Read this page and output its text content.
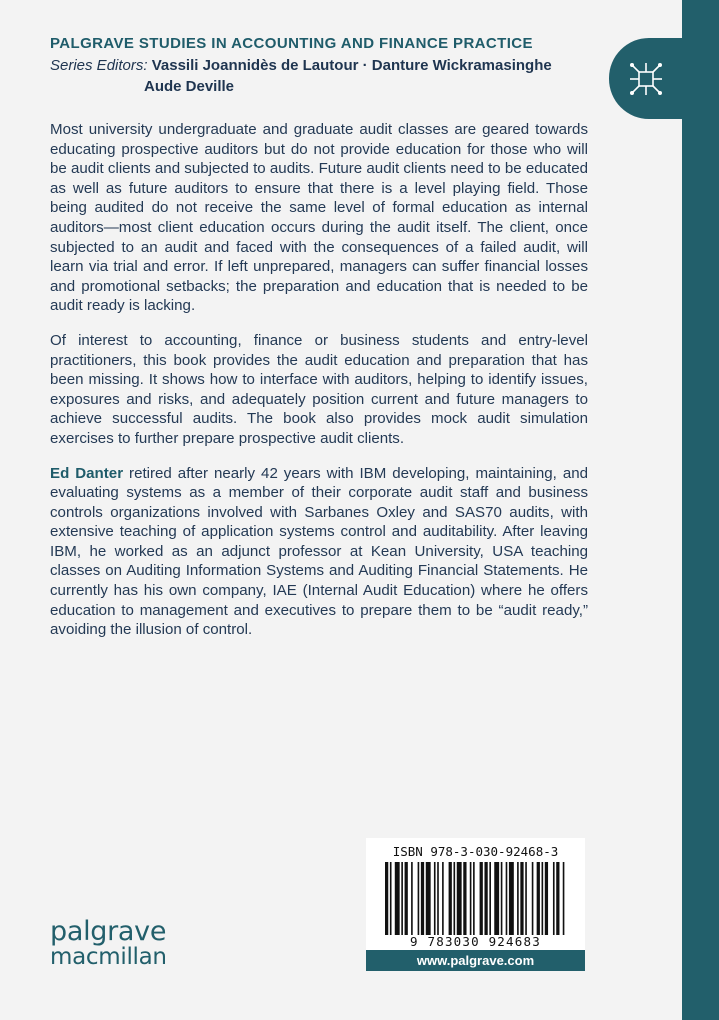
PALGRAVE STUDIES IN ACCOUNTING AND FINANCE PRACTICE
Series Editors: Vassili Joannidès de Lautour · Danture Wickramasinghe
Aude Deville

Most university undergraduate and graduate audit classes are geared towards educating prospective auditors but do not provide education for those who will be audit clients and subjected to audits. Future audit clients need to be educated as well as future auditors to ensure that there is a level playing field. Those being audited do not receive the same level of formal education as internal auditors—most client education occurs during the audit itself. The client, once subjected to an audit and faced with the consequences of a failed audit, will learn via trial and error. If left unprepared, managers can suffer financial losses and promotional setbacks; the preparation and education that is needed to be audit ready is lacking.

Of interest to accounting, finance or business students and entry-level practitioners, this book provides the audit education and preparation that has been missing. It shows how to interface with auditors, helping to identify issues, exposures and risks, and adequately position current and future managers to achieve successful audits. The book also provides mock audit simulation exercises to further prepare prospective audit clients.

Ed Danter retired after nearly 42 years with IBM developing, maintaining, and evaluating systems as a member of their corporate audit staff and business controls organizations involved with Sarbanes Oxley and SAS70 audits, with extensive teaching of application systems control and auditability. After leaving IBM, he worked as an adjunct professor at Kean University, USA teaching classes on Auditing Information Systems and Auditing Financial Statements. He currently has his own company, IAE (Internal Audit Education) where he offers education to management and executives to prepare them to be “audit ready,” avoiding the illusion of control.

palgrave
macmillan
ISBN 978-3-030-92468-3
9 783030 924683
www.palgrave.com
